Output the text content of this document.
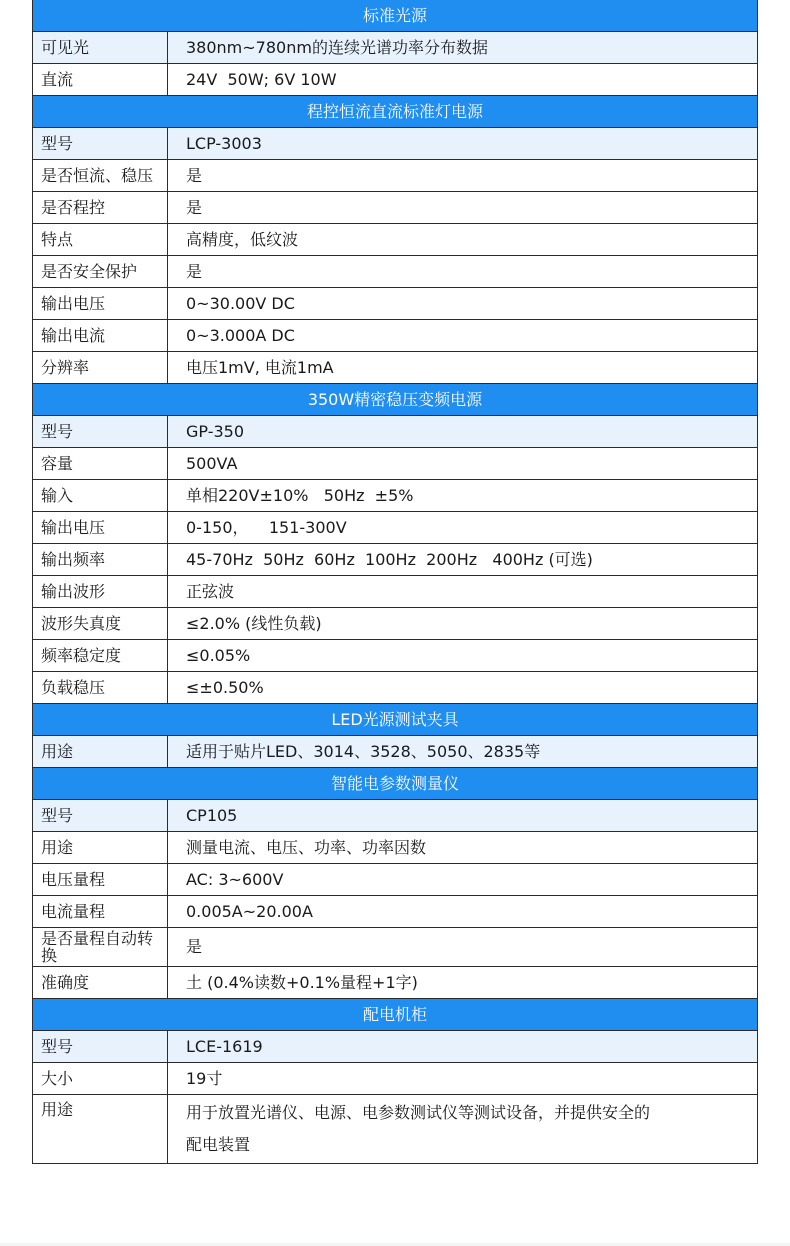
标准光源
可见光	380nm~780nm的连续光谱功率分布数据
直流	24V  50W; 6V 10W
程控恒流直流标准灯电源
型号	LCP-3003
是否恒流、稳压	是
是否程控	是
特点	高精度，低纹波
是否安全保护	是
输出电压	0~30.00V DC
输出电流	0~3.000A DC
分辨率	电压1mV, 电流1mA
350W精密稳压变频电源
型号	GP-350
容量	500VA
输入	单相220V±10%   50Hz  ±5%
输出电压	0-150，    151-300V
输出频率	45-70Hz  50Hz  60Hz  100Hz  200Hz   400Hz (可选)
输出波形	正弦波
波形失真度	≤2.0% (线性负载)
频率稳定度	≤0.05%
负载稳压	≤±0.50%
LED光源测试夹具
用途	适用于贴片LED、3014、3528、5050、2835等
智能电参数测量仪
型号	CP105
用途	测量电流、电压、功率、功率因数
电压量程	AC: 3~600V
电流量程	0.005A~20.00A
是否量程自动转换	是
准确度	土 (0.4%读数+0.1%量程+1字)
配电机柜
型号	LCE-1619
大小	19寸
用途	用于放置光谱仪、电源、电参数测试仪等测试设备，并提供安全的
配电装置
